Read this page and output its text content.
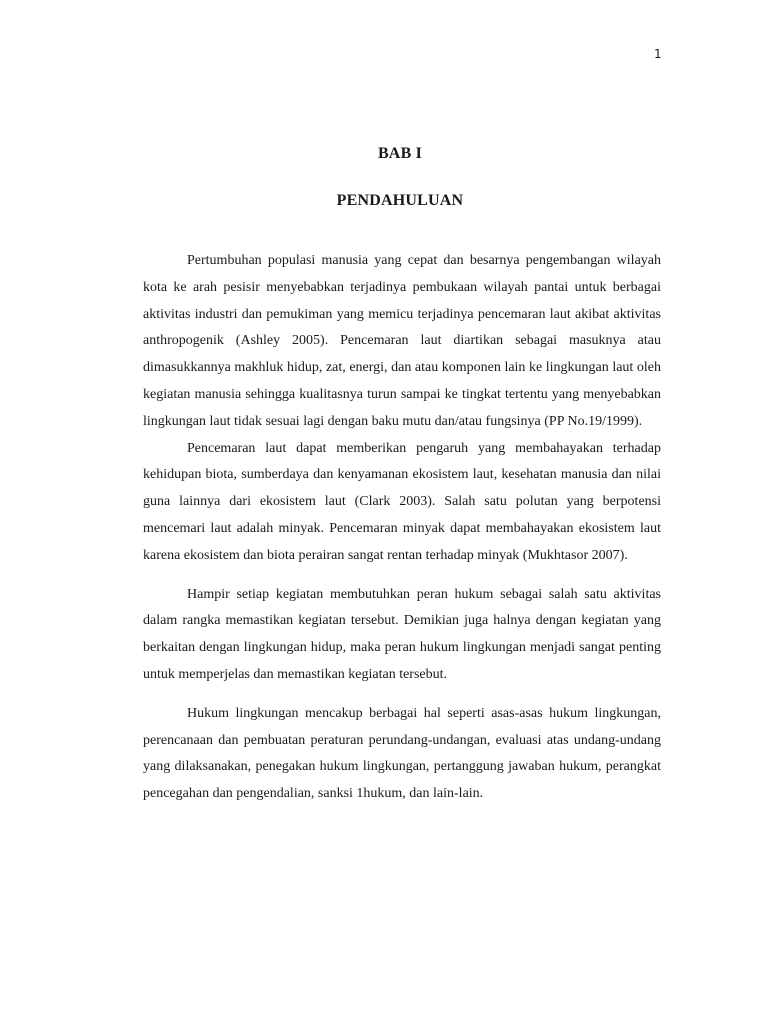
1
BAB I
PENDAHULUAN

Pertumbuhan populasi manusia yang cepat dan besarnya pengembangan wilayah kota ke arah pesisir menyebabkan terjadinya pembukaan wilayah pantai untuk berbagai aktivitas industri dan pemukiman yang memicu terjadinya pencemaran laut akibat aktivitas anthropogenik (Ashley 2005). Pencemaran laut diartikan sebagai masuknya atau dimasukkannya makhluk hidup, zat, energi, dan atau komponen lain ke lingkungan laut oleh kegiatan manusia sehingga kualitasnya turun sampai ke tingkat tertentu yang menyebabkan lingkungan laut tidak sesuai lagi dengan baku mutu dan/atau fungsinya (PP No.19/1999).

Pencemaran laut dapat memberikan pengaruh yang membahayakan terhadap kehidupan biota, sumberdaya dan kenyamanan ekosistem laut, kesehatan manusia dan nilai guna lainnya dari ekosistem laut (Clark 2003). Salah satu polutan yang berpotensi mencemari laut adalah minyak. Pencemaran minyak dapat membahayakan ekosistem laut karena ekosistem dan biota perairan sangat rentan terhadap minyak (Mukhtasor 2007).

Hampir setiap kegiatan membutuhkan peran hukum sebagai salah satu aktivitas dalam rangka memastikan kegiatan tersebut. Demikian juga halnya dengan kegiatan yang berkaitan dengan lingkungan hidup, maka peran hukum lingkungan menjadi sangat penting untuk memperjelas dan memastikan kegiatan tersebut.

Hukum lingkungan mencakup berbagai hal seperti asas-asas hukum lingkungan, perencanaan dan pembuatan peraturan perundang-undangan, evaluasi atas undang-undang yang dilaksanakan, penegakan hukum lingkungan, pertanggung jawaban hukum, perangkat pencegahan dan pengendalian, sanksi 1hukum, dan lain-lain.
